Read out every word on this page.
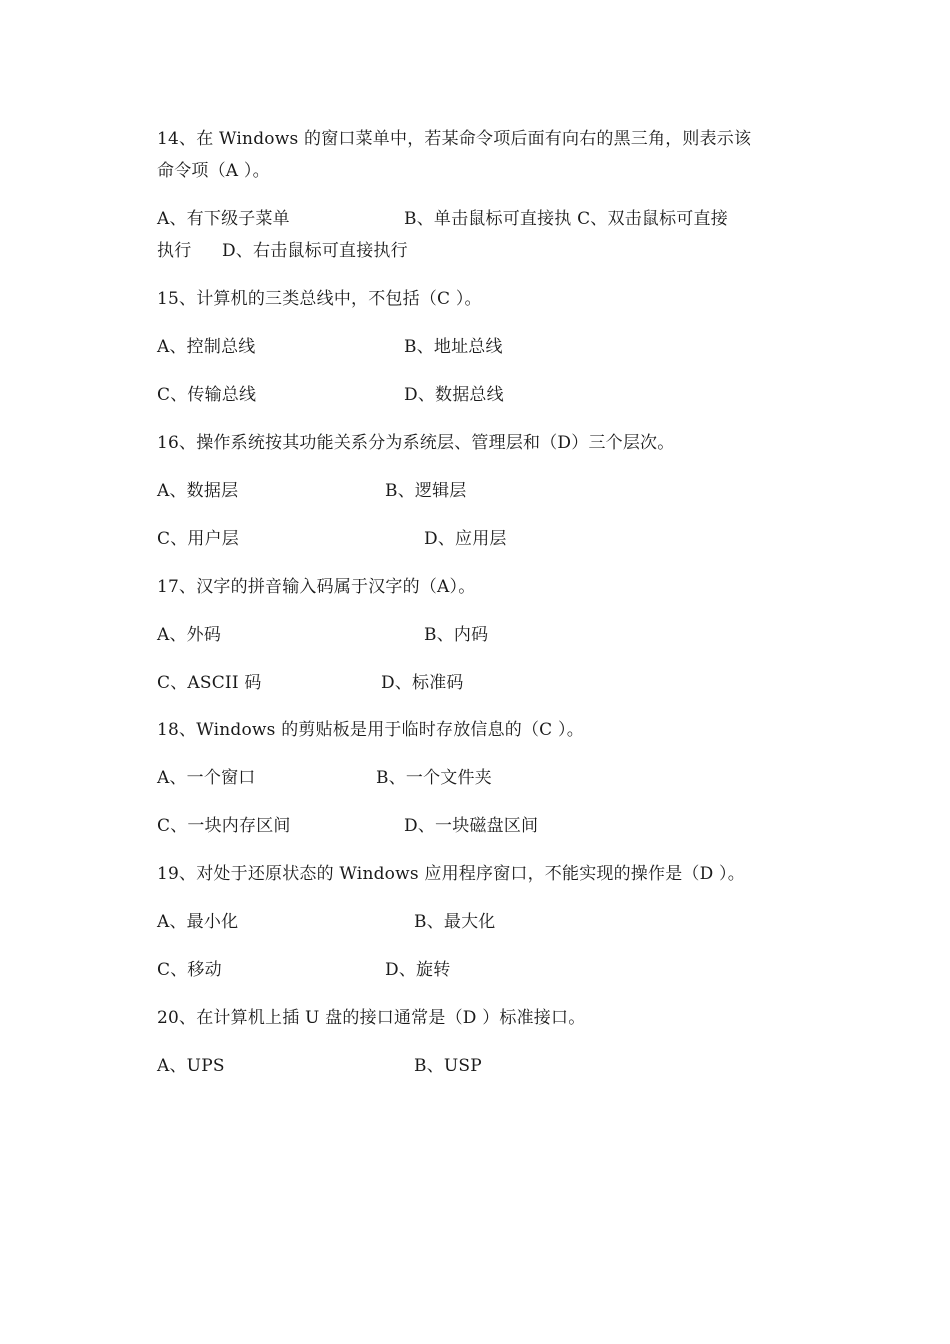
14、在 Windows 的窗口菜单中，若某命令项后面有向右的黑三角，则表示该
命令项（A ）。
A、有下级子菜单	B、单击鼠标可直接执 C、双击鼠标可直接
执行 D、右击鼠标可直接执行
15、计算机的三类总线中，不包括（C ）。
A、控制总线	B、地址总线
C、传输总线	D、数据总线
16、操作系统按其功能关系分为系统层、管理层和（D）三个层次。
A、数据层	B、逻辑层
C、用户层	D、应用层
17、汉字的拼音输入码属于汉字的（A）。
A、外码	B、内码
C、ASCII 码	D、标准码
18、Windows 的剪贴板是用于临时存放信息的（C ）。
A、一个窗口	B、一个文件夹
C、一块内存区间	D、一块磁盘区间
19、对处于还原状态的 Windows 应用程序窗口，不能实现的操作是（D ）。
A、最小化	B、最大化
C、移动	D、旋转
20、在计算机上插 U 盘的接口通常是（D ）标准接口。
A、UPS	B、USP
